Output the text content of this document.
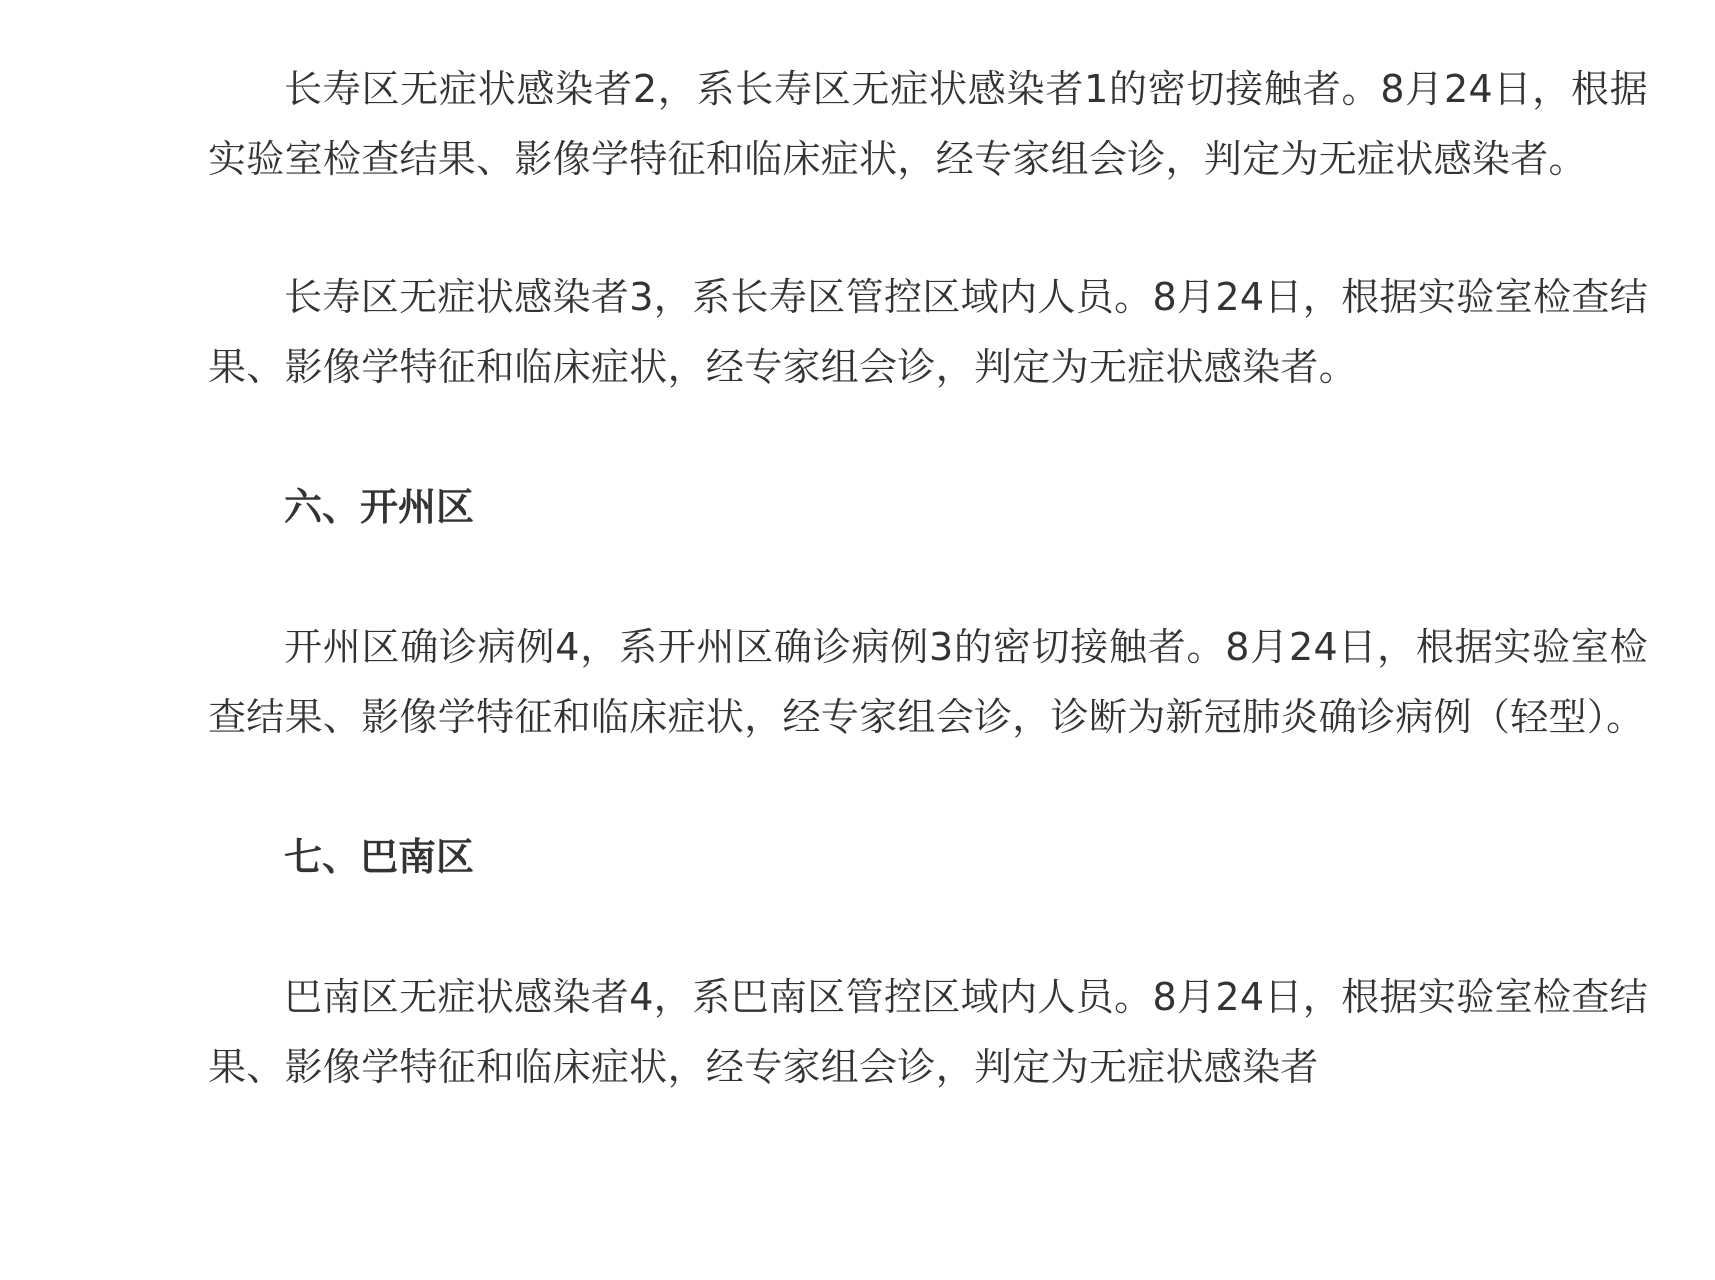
长寿区无症状感染者2，系长寿区无症状感染者1的密切接触者。8月24日，根据实验室检查结果、影像学特征和临床症状，经专家组会诊，判定为无症状感染者。

长寿区无症状感染者3，系长寿区管控区域内人员。8月24日，根据实验室检查结果、影像学特征和临床症状，经专家组会诊，判定为无症状感染者。

六、开州区

开州区确诊病例4，系开州区确诊病例3的密切接触者。8月24日，根据实验室检查结果、影像学特征和临床症状，经专家组会诊，诊断为新冠肺炎确诊病例（轻型）。

七、巴南区

巴南区无症状感染者4，系巴南区管控区域内人员。8月24日，根据实验室检查结果、影像学特征和临床症状，经专家组会诊，判定为无症状感染者
